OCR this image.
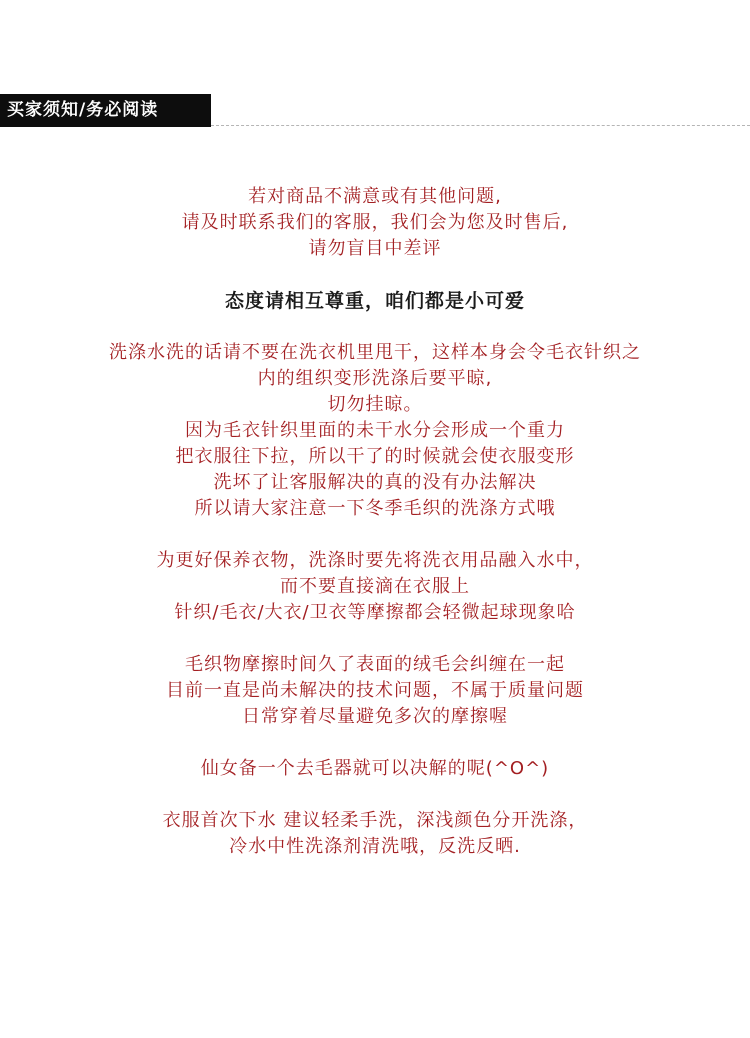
买家须知/务必阅读
若对商品不满意或有其他问题,
请及时联系我们的客服，我们会为您及时售后,
请勿盲目中差评
态度请相互尊重，咱们都是小可爱
洗涤水洗的话请不要在洗衣机里甩干，这样本身会令毛衣针织之
内的组织变形洗涤后要平晾,
切勿挂晾。
因为毛衣针织里面的未干水分会形成一个重力
把衣服往下拉，所以干了的时候就会使衣服变形
洗坏了让客服解决的真的没有办法解决
所以请大家注意一下冬季毛织的洗涤方式哦
为更好保养衣物，洗涤时要先将洗衣用品融入水中，
而不要直接滴在衣服上
针织/毛衣/大衣/卫衣等摩擦都会轻微起球现象哈
毛织物摩擦时间久了表面的绒毛会纠缠在一起
目前一直是尚未解决的技术问题，不属于质量问题
日常穿着尽量避免多次的摩擦喔
仙女备一个去毛器就可以决解的呢(^O^)
衣服首次下水 建议轻柔手洗，深浅颜色分开洗涤，
冷水中性洗涤剂清洗哦，反洗反晒.
